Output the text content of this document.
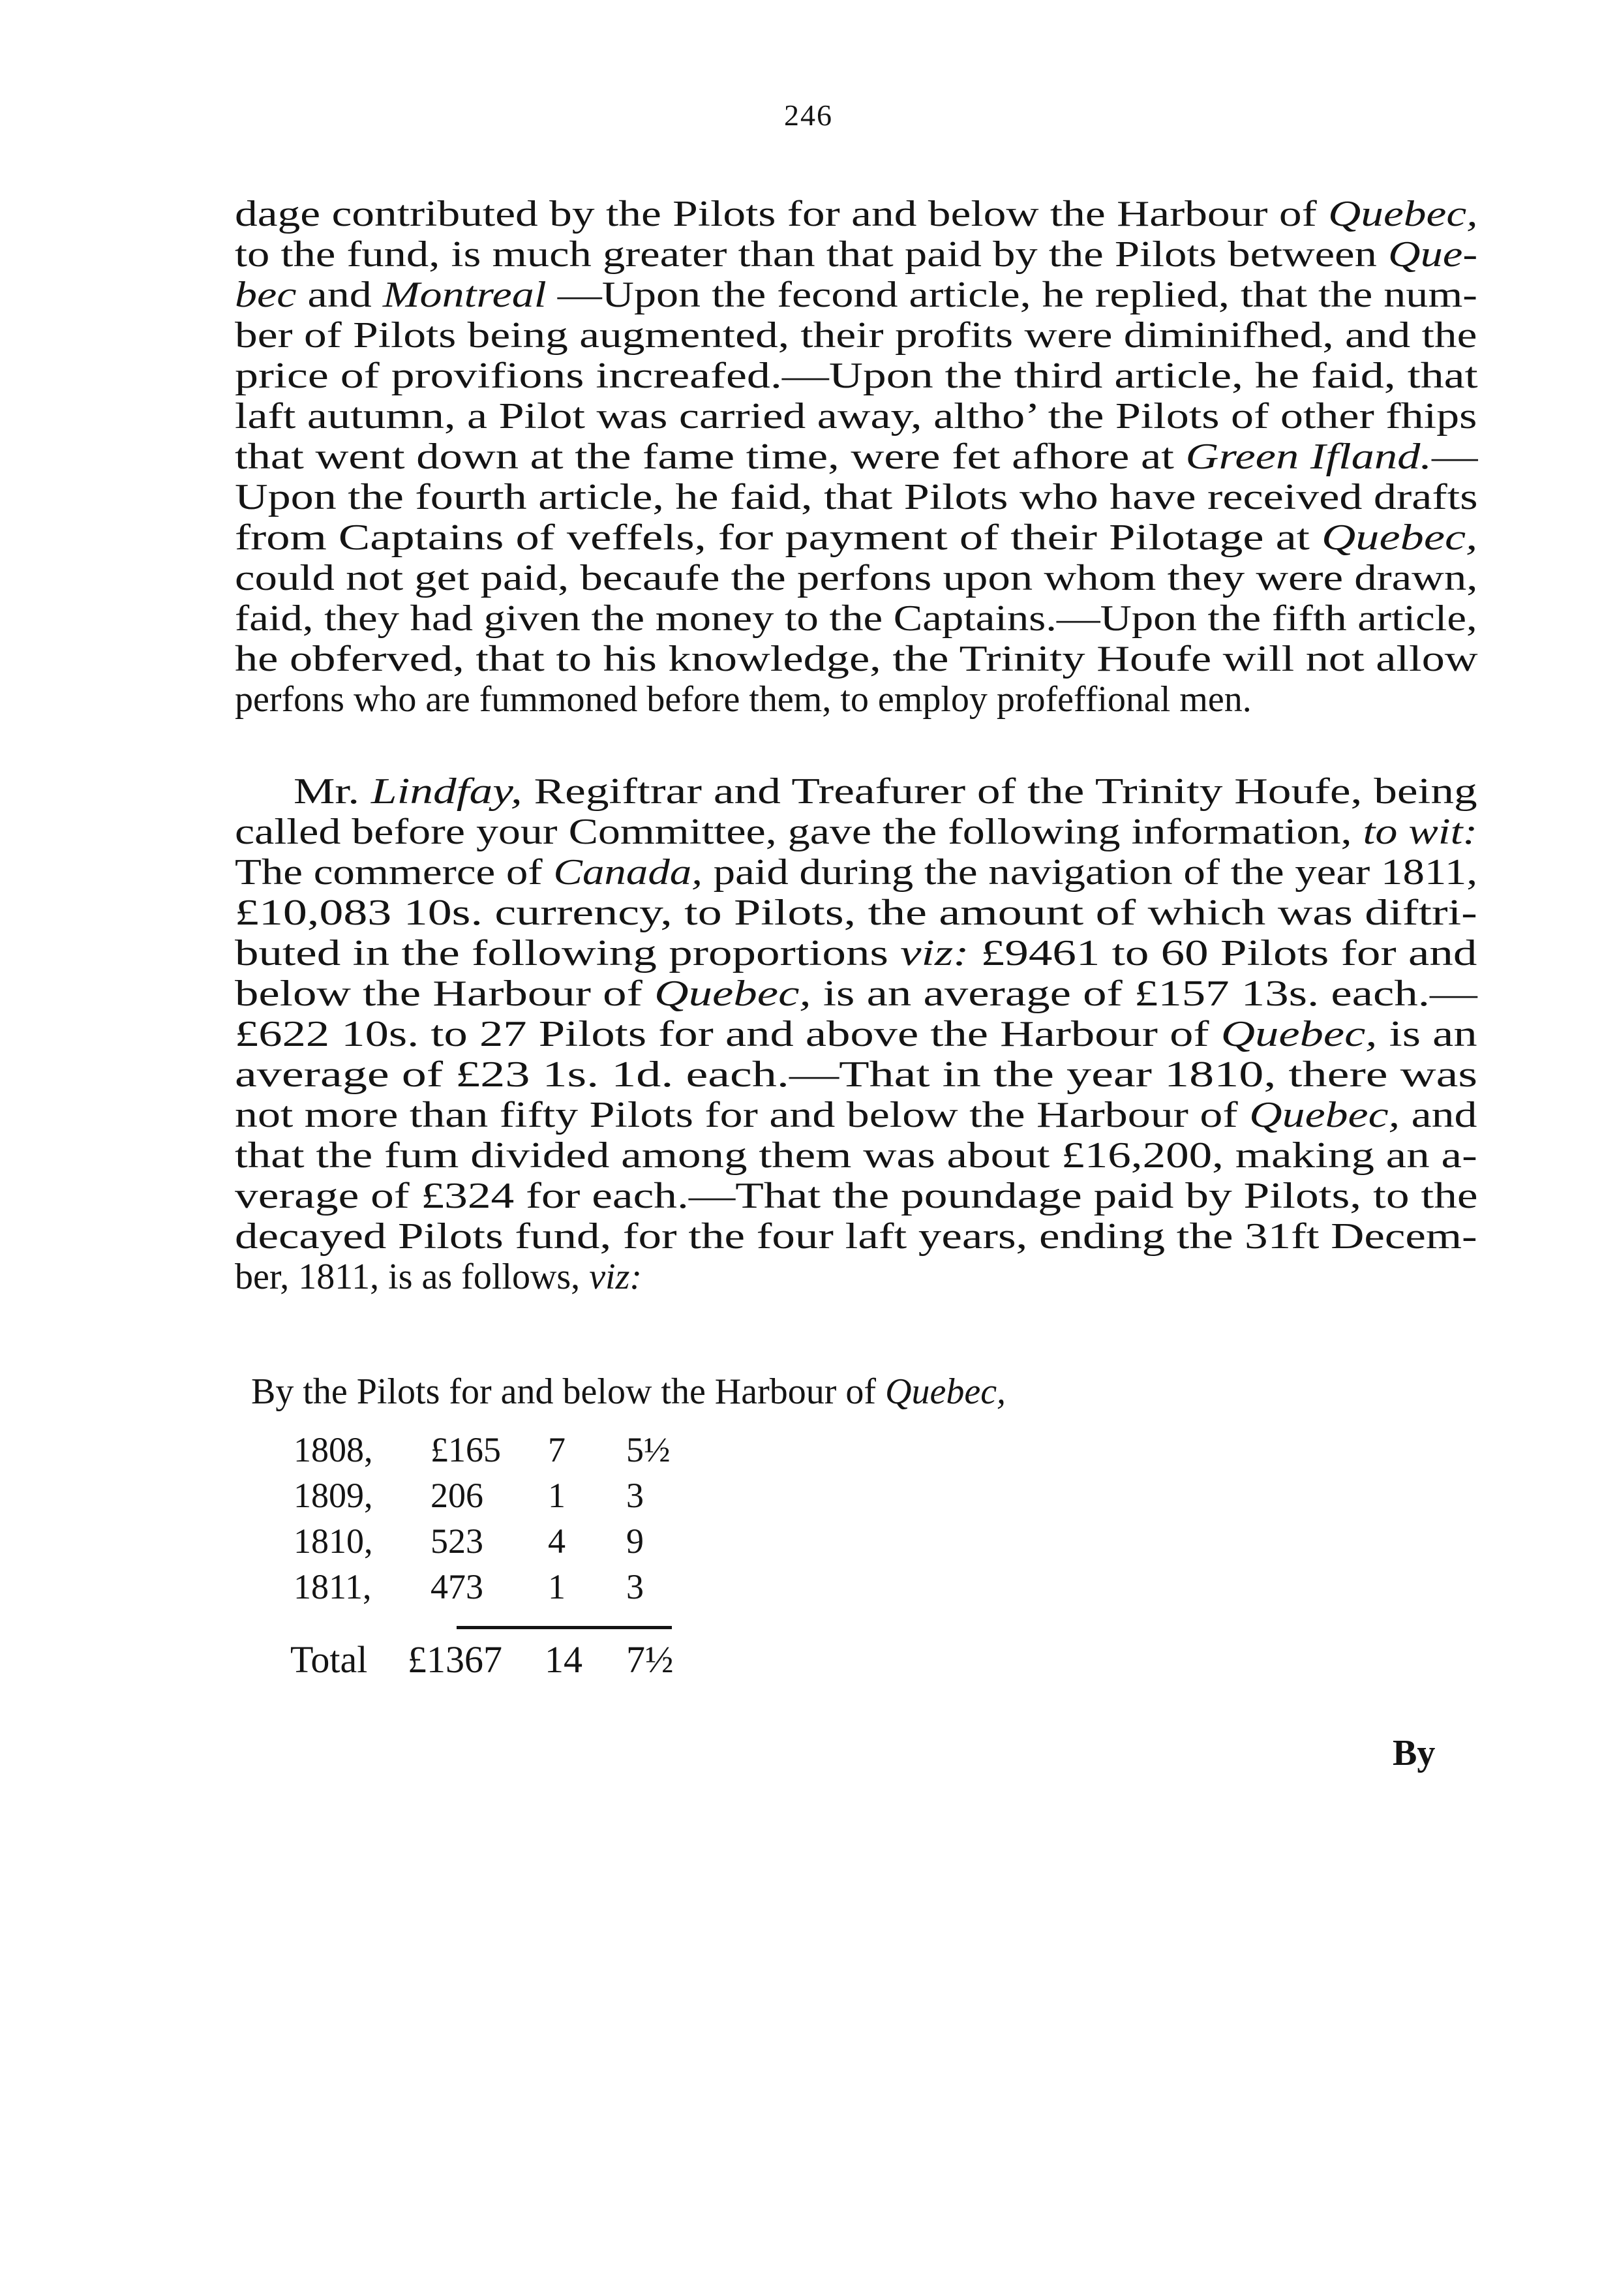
246
dage contributed by the Pilots for and below the Harbour of Quebec,
to the fund, is much greater than that paid by the Pilots between Que-
bec and Montreal —Upon the fecond article, he replied, that the num-
ber of Pilots being augmented, their profits were diminifhed, and the
price of provifions increafed.—Upon the third article, he faid, that
laft autumn, a Pilot was carried away, altho’ the Pilots of other fhips
that went down at the fame time, were fet afhore at Green Ifland.—
Upon the fourth article, he faid, that Pilots who have received drafts
from Captains of veffels, for payment of their Pilotage at Quebec,
could not get paid, becaufe the perfons upon whom they were drawn,
faid, they had given the money to the Captains.—Upon the fifth article,
he obferved, that to his knowledge, the Trinity Houfe will not allow
perfons who are fummoned before them, to employ profeffional men.
Mr. Lindfay, Regiftrar and Treafurer of the Trinity Houfe, being
called before your Committee, gave the following information, to wit:
The commerce of Canada, paid during the navigation of the year 1811,
£10,083 10s. currency, to Pilots, the amount of which was diftri-
buted in the following proportions viz: £9461 to 60 Pilots for and
below the Harbour of Quebec, is an average of £157 13s. each.—
£622 10s. to 27 Pilots for and above the Harbour of Quebec, is an
average of £23 1s. 1d. each.—That in the year 1810, there was
not more than fifty Pilots for and below the Harbour of Quebec, and
that the fum divided among them was about £16,200, making an a-
verage of £324 for each.—That the poundage paid by Pilots, to the
decayed Pilots fund, for the four laft years, ending the 31ft Decem-
ber, 1811, is as follows, viz:
By the Pilots for and below the Harbour of Quebec,
1808, £165 7 5½
1809, 206 1 3
1810, 523 4 9
1811, 473 1 3
Total £1367 14 7½
By
